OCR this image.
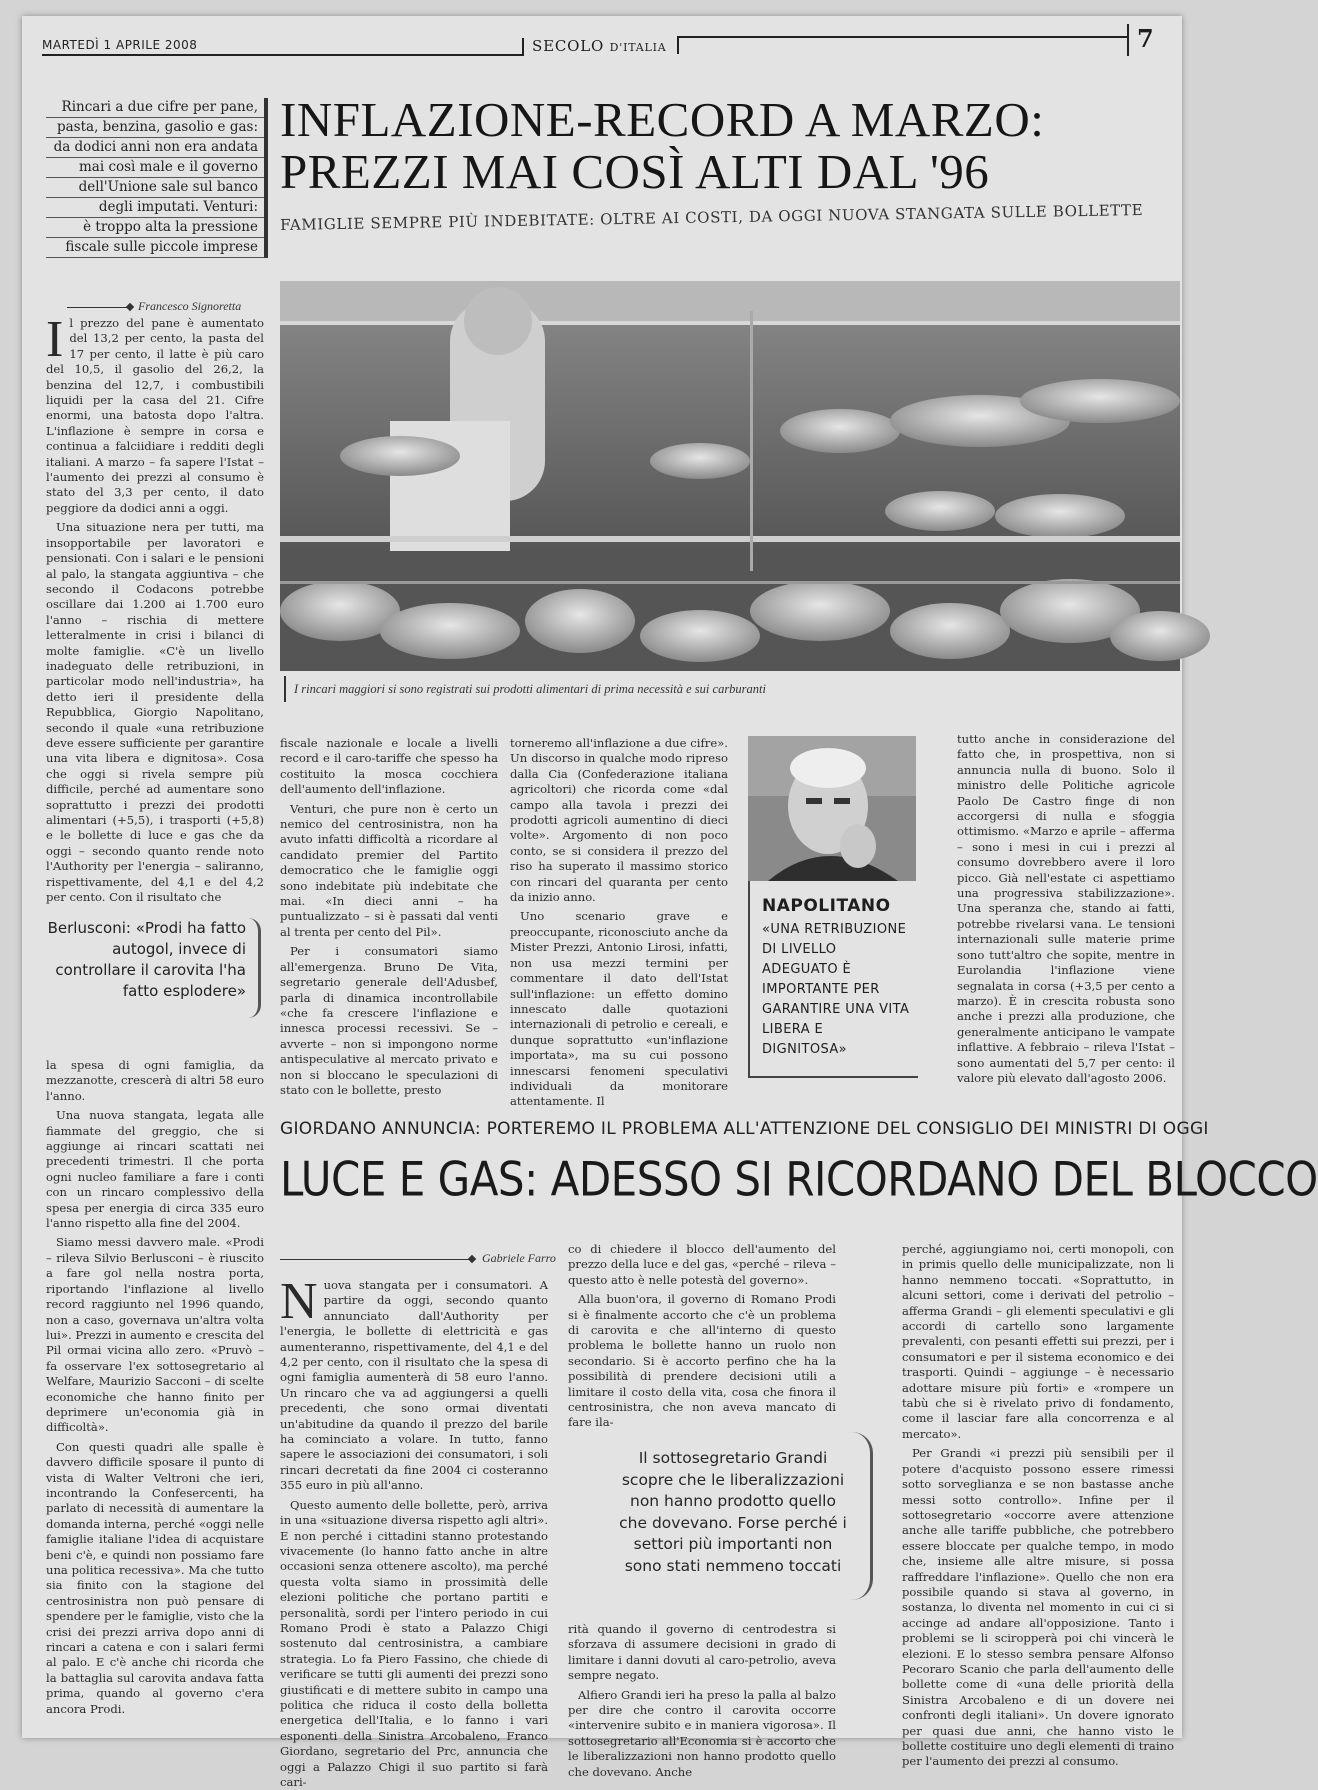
MARTEDÌ 1 APRILE 2008	SECOLO D'ITALIA	7
Rincari a due cifre per pane,
pasta, benzina, gasolio e gas:
da dodici anni non era andata
mai così male e il governo
dell'Unione sale sul banco
degli imputati. Venturi:
è troppo alta la pressione
fiscale sulle piccole imprese
INFLAZIONE-RECORD A MARZO:
PREZZI MAI COSÌ ALTI DAL '96
FAMIGLIE SEMPRE PIÙ INDEBITATE: OLTRE AI COSTI, DA OGGI NUOVA STANGATA SULLE BOLLETTE
Francesco Signoretta
I rincari maggiori si sono registrati sui prodotti alimentari di prima necessità e sui carburanti

Il prezzo del pane è aumentato del 13,2 per cento, la pasta del 17 per cento, il latte è più caro del 10,5, il gasolio del 26,2, la benzina del 12,7, i combustibili liquidi per la casa del 21. Cifre enormi, una batosta dopo l'altra. L'inflazione è sempre in corsa e continua a falciidiare i redditi degli italiani. A marzo – fa sapere l'Istat – l'aumento dei prezzi al consumo è stato del 3,3 per cento, il dato peggiore da dodici anni a oggi.

Una situazione nera per tutti, ma insopportabile per lavoratori e pensionati. Con i salari e le pensioni al palo, la stangata aggiuntiva – che secondo il Codacons potrebbe oscillare dai 1.200 ai 1.700 euro l'anno – rischia di mettere letteralmente in crisi i bilanci di molte famiglie. «C'è un livello inadeguato delle retribuzioni, in particolar modo nell'industria», ha detto ieri il presidente della Repubblica, Giorgio Napolitano, secondo il quale «una retribuzione deve essere sufficiente per garantire una vita libera e dignitosa». Cosa che oggi si rivela sempre più difficile, perché ad aumentare sono soprattutto i prezzi dei prodotti alimentari (+5,5), i trasporti (+5,8) e le bollette di luce e gas che da oggi – secondo quanto rende noto l'Authority per l'energia – saliranno, rispettivamente, del 4,1 e del 4,2 per cento. Con il risultato che

Berlusconi: «Prodi ha fatto autogol, invece di controllare il carovita l'ha fatto esplodere»

la spesa di ogni famiglia, da mezzanotte, crescerà di altri 58 euro l'anno.

Una nuova stangata, legata alle fiammate del greggio, che si aggiunge ai rincari scattati nei precedenti trimestri. Il che porta ogni nucleo familiare a fare i conti con un rincaro complessivo della spesa per energia di circa 335 euro l'anno rispetto alla fine del 2004.

Siamo messi davvero male. «Prodi – rileva Silvio Berlusconi – è riuscito a fare gol nella nostra porta, riportando l'inflazione al livello record raggiunto nel 1996 quando, non a caso, governava un'altra volta lui». Prezzi in aumento e crescita del Pil ormai vicina allo zero. «Pruvò – fa osservare l'ex sottosegretario al Welfare, Maurizio Sacconi – di scelte economiche che hanno finito per deprimere un'economia già in difficoltà».

Con questi quadri alle spalle è davvero difficile sposare il punto di vista di Walter Veltroni che ieri, incontrando la Confesercenti, ha parlato di necessità di aumentare la domanda interna, perché «oggi nelle famiglie italiane l'idea di acquistare beni c'è, e quindi non possiamo fare una politica recessiva». Ma che tutto sia finito con la stagione del centrosinistra non può pensare di spendere per le famiglie, visto che la crisi dei prezzi arriva dopo anni di rincari a catena e con i salari fermi al palo. E c'è anche chi ricorda che la battaglia sul carovita andava fatta prima, quando al governo c'era ancora Prodi.

fiscale nazionale e locale a livelli record e il caro-tariffe che spesso ha costituito la mosca cocchiera dell'aumento dell'inflazione.

Venturi, che pure non è certo un nemico del centrosinistra, non ha avuto infatti difficoltà a ricordare al candidato premier del Partito democratico che le famiglie oggi sono indebitate più indebitate che mai. «In dieci anni – ha puntualizzato – si è passati dal venti al trenta per cento del Pil».

Per i consumatori siamo all'emergenza. Bruno De Vita, segretario generale dell'Adusbef, parla di dinamica incontrollabile «che fa crescere l'inflazione e innesca processi recessivi. Se – avverte – non si impongono norme antispeculative al mercato privato e non si bloccano le speculazioni di stato con le bollette, presto

torneremo all'inflazione a due cifre». Un discorso in qualche modo ripreso dalla Cia (Confederazione italiana agricoltori) che ricorda come «dal campo alla tavola i prezzi dei prodotti agricoli aumentino di dieci volte». Argomento di non poco conto, se si considera il prezzo del riso ha superato il massimo storico con rincari del quaranta per cento da inizio anno.

Uno scenario grave e preoccupante, riconosciuto anche da Mister Prezzi, Antonio Lirosi, infatti, non usa mezzi termini per commentare il dato dell'Istat sull'inflazione: un effetto domino innescato dalle quotazioni internazionali di petrolio e cereali, e dunque soprattutto «un'inflazione importata», ma su cui possono innescarsi fenomeni speculativi individuali da monitorare attentamente. Il

NAPOLITANO
«UNA RETRIBUZIONE DI LIVELLO ADEGUATO È IMPORTANTE PER GARANTIRE UNA VITA LIBERA E DIGNITOSA»

tutto anche in considerazione del fatto che, in prospettiva, non si annuncia nulla di buono. Solo il ministro delle Politiche agricole Paolo De Castro finge di non accorgersi di nulla e sfoggia ottimismo. «Marzo e aprile – afferma – sono i mesi in cui i prezzi al consumo dovrebbero avere il loro picco. Già nell'estate ci aspettiamo una progressiva stabilizzazione». Una speranza che, stando ai fatti, potrebbe rivelarsi vana. Le tensioni internazionali sulle materie prime sono tutt'altro che sopite, mentre in Eurolandia l'inflazione viene segnalata in corsa (+3,5 per cento a marzo). È in crescita robusta sono anche i prezzi alla produzione, che generalmente anticipano le vampate inflattive. A febbraio – rileva l'Istat – sono aumentati del 5,7 per cento: il valore più elevato dall'agosto 2006.

GIORDANO ANNUNCIA: PORTEREMO IL PROBLEMA ALL'ATTENZIONE DEL CONSIGLIO DEI MINISTRI DI OGGI
LUCE E GAS: ADESSO SI RICORDANO DEL BLOCCO
Gabriele Farro

Nuova stangata per i consumatori. A partire da oggi, secondo quanto annunciato dall'Authority per l'energia, le bollette di elettricità e gas aumenteranno, rispettivamente, del 4,1 e del 4,2 per cento, con il risultato che la spesa di ogni famiglia aumenterà di 58 euro l'anno. Un rincaro che va ad aggiungersi a quelli precedenti, che sono ormai diventati un'abitudine da quando il prezzo del barile ha cominciato a volare. In tutto, fanno sapere le associazioni dei consumatori, i soli rincari decretati da fine 2004 ci costeranno 355 euro in più all'anno.

Questo aumento delle bollette, però, arriva in una «situazione diversa rispetto agli altri». E non perché i cittadini stanno protestando vivacemente (lo hanno fatto anche in altre occasioni senza ottenere ascolto), ma perché questa volta siamo in prossimità delle elezioni politiche che portano partiti e personalità, sordi per l'intero periodo in cui Romano Prodi è stato a Palazzo Chigi sostenuto dal centrosinistra, a cambiare strategia. Lo fa Piero Fassino, che chiede di verificare se tutti gli aumenti dei prezzi sono giustificati e di mettere subito in campo una politica che riduca il costo della bolletta energetica dell'Italia, e lo fanno i vari esponenti della Sinistra Arcobaleno, Franco Giordano, segretario del Prc, annuncia che oggi a Palazzo Chigi il suo partito si farà cari-

co di chiedere il blocco dell'aumento del prezzo della luce e del gas, «perché – rileva – questo atto è nelle potestà del governo».

Alla buon'ora, il governo di Romano Prodi si è finalmente accorto che c'è un problema di carovita e che all'interno di questo problema le bollette hanno un ruolo non secondario. Si è accorto perfino che ha la possibilità di prendere decisioni utili a limitare il costo della vita, cosa che finora il centrosinistra, che non aveva mancato di fare ila-

Il sottosegretario Grandi scopre che le liberalizzazioni non hanno prodotto quello che dovevano. Forse perché i settori più importanti non sono stati nemmeno toccati

rità quando il governo di centrodestra si sforzava di assumere decisioni in grado di limitare i danni dovuti al caro-petrolio, aveva sempre negato.

Alfiero Grandi ieri ha preso la palla al balzo per dire che contro il carovita occorre «intervenire subito e in maniera vigorosa». Il sottosegretario all'Economia si è accorto che le liberalizzazioni non hanno prodotto quello che dovevano. Anche

perché, aggiungiamo noi, certi monopoli, con in primis quello delle municipalizzate, non li hanno nemmeno toccati. «Soprattutto, in alcuni settori, come i derivati del petrolio – afferma Grandi – gli elementi speculativi e gli accordi di cartello sono largamente prevalenti, con pesanti effetti sui prezzi, per i consumatori e per il sistema economico e dei trasporti. Quindi – aggiunge – è necessario adottare misure più forti» e «rompere un tabù che si è rivelato privo di fondamento, come il lasciar fare alla concorrenza e al mercato».

Per Grandi «i prezzi più sensibili per il potere d'acquisto possono essere rimessi sotto sorveglianza e se non bastasse anche messi sotto controllo». Infine per il sottosegretario «occorre avere attenzione anche alle tariffe pubbliche, che potrebbero essere bloccate per qualche tempo, in modo che, insieme alle altre misure, si possa raffreddare l'inflazione». Quello che non era possibile quando si stava al governo, in sostanza, lo diventa nel momento in cui ci si accinge ad andare all'opposizione. Tanto i problemi se li sciropperà poi chi vincerà le elezioni. E lo stesso sembra pensare Alfonso Pecoraro Scanio che parla dell'aumento delle bollette come di «una delle priorità della Sinistra Arcobaleno e di un dovere nei confronti degli italiani». Un dovere ignorato per quasi due anni, che hanno visto le bollette costituire uno degli elementi di traino per l'aumento dei prezzi al consumo.
